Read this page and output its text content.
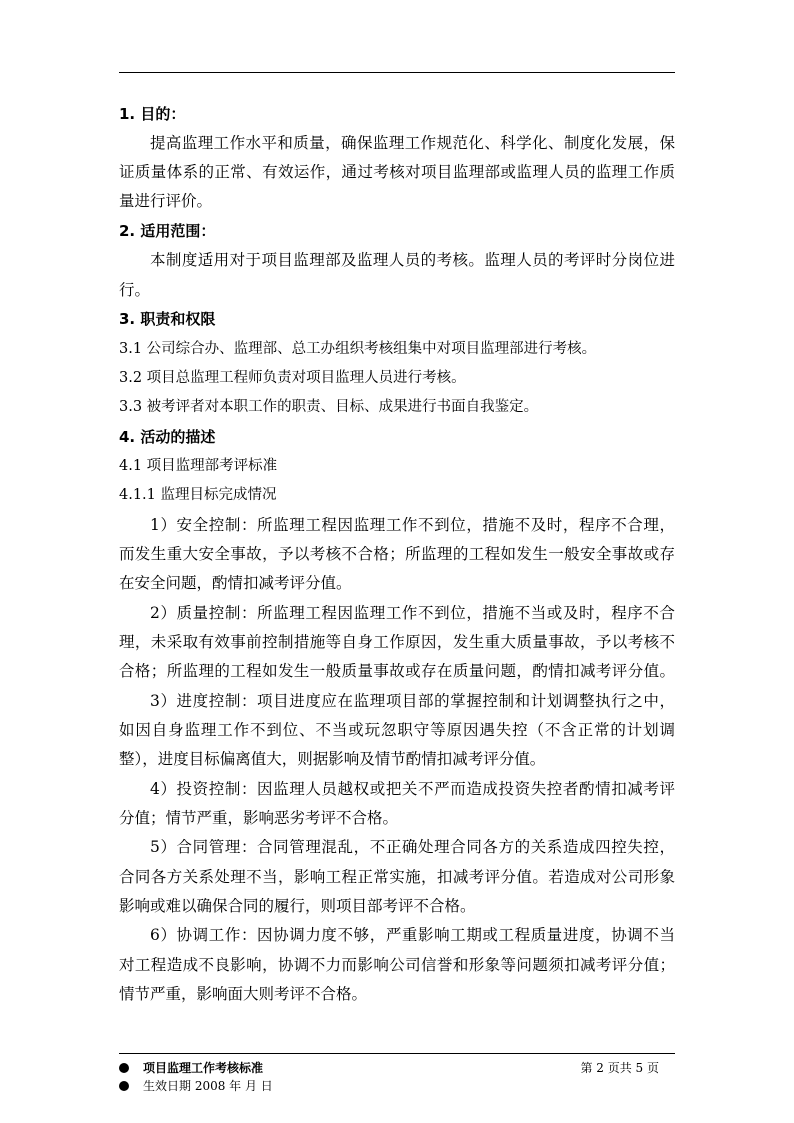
1. 目的：
提高监理工作水平和质量，确保监理工作规范化、科学化、制度化发展，保
证质量体系的正常、有效运作，通过考核对项目监理部或监理人员的监理工作质
量进行评价。
2. 适用范围：
本制度适用对于项目监理部及监理人员的考核。监理人员的考评时分岗位进
行。
3. 职责和权限
3.1 公司综合办、监理部、总工办组织考核组集中对项目监理部进行考核。
3.2 项目总监理工程师负责对项目监理人员进行考核。
3.3 被考评者对本职工作的职责、目标、成果进行书面自我鉴定。
4. 活动的描述
4.1 项目监理部考评标准
4.1.1 监理目标完成情况
1）安全控制：所监理工程因监理工作不到位，措施不及时，程序不合理，
而发生重大安全事故，予以考核不合格；所监理的工程如发生一般安全事故或存
在安全问题，酌情扣减考评分值。
2）质量控制：所监理工程因监理工作不到位，措施不当或及时，程序不合
理，未采取有效事前控制措施等自身工作原因，发生重大质量事故，予以考核不
合格；所监理的工程如发生一般质量事故或存在质量问题，酌情扣减考评分值。
3）进度控制：项目进度应在监理项目部的掌握控制和计划调整执行之中，
如因自身监理工作不到位、不当或玩忽职守等原因遇失控（不含正常的计划调
整），进度目标偏离值大，则据影响及情节酌情扣减考评分值。
4）投资控制：因监理人员越权或把关不严而造成投资失控者酌情扣减考评
分值；情节严重，影响恶劣考评不合格。
5）合同管理：合同管理混乱，不正确处理合同各方的关系造成四控失控，
合同各方关系处理不当，影响工程正常实施，扣减考评分值。若造成对公司形象
影响或难以确保合同的履行，则项目部考评不合格。
6）协调工作：因协调力度不够，严重影响工期或工程质量进度，协调不当
对工程造成不良影响，协调不力而影响公司信誉和形象等问题须扣减考评分值；
情节严重，影响面大则考评不合格。
项目监理工作考核标准	第 2 页共 5 页
生效日期 2008 年 月 日
